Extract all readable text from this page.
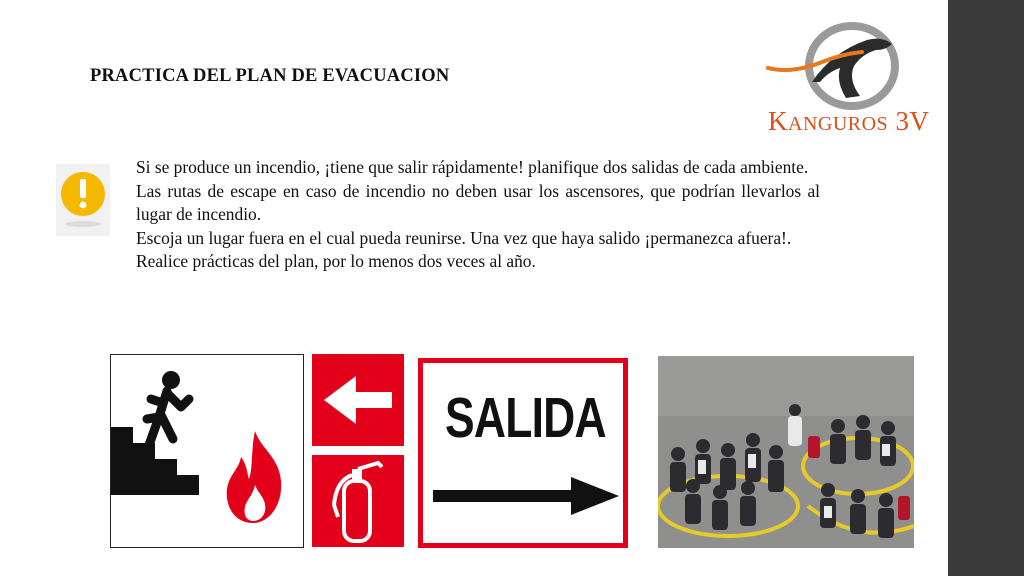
PRACTICA DEL PLAN DE EVACUACION
KANGUROS 3V

Si se produce un incendio, ¡tiene que salir rápidamente! planifique dos salidas de cada ambiente.

Las rutas de escape en caso de incendio no deben usar los ascensores, que podrían llevarlos al lugar de incendio.

Escoja un lugar fuera en el cual pueda reunirse. Una vez que haya salido ¡permanezca afuera!.

Realice prácticas del plan, por lo menos dos veces al año.

SALIDA
